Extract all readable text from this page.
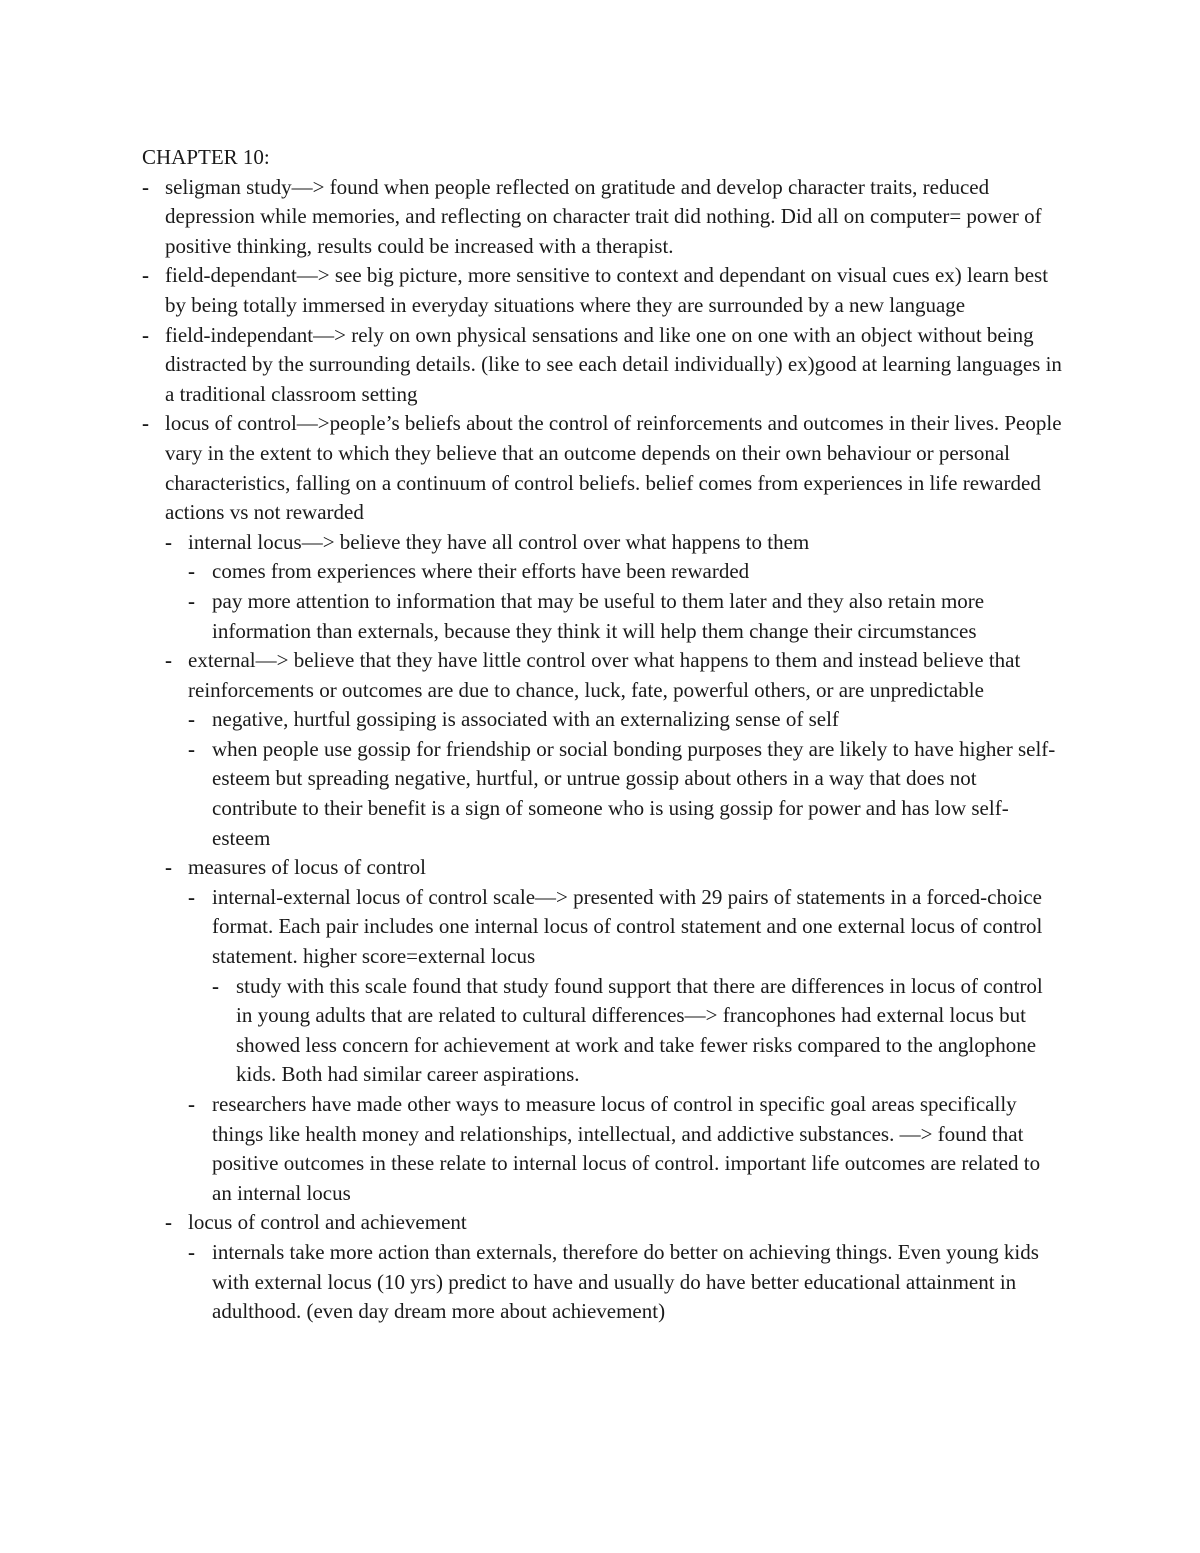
CHAPTER 10:
- seligman study—> found when people reflected on gratitude and develop character traits, reduced depression while memories, and reflecting on character trait did nothing. Did all on computer= power of positive thinking, results could be increased with a therapist.
- field-dependant—> see big picture, more sensitive to context and dependant on visual cues ex) learn best by being totally immersed in everyday situations where they are surrounded by a new language
- field-independant—> rely on own physical sensations and like one on one with an object without being distracted by the surrounding details. (like to see each detail individually) ex)good at learning languages in a traditional classroom setting
- locus of control—>people’s beliefs about the control of reinforcements and outcomes in their lives. People vary in the extent to which they believe that an outcome depends on their own behaviour or personal characteristics, falling on a continuum of control beliefs. belief comes from experiences in life rewarded actions vs not rewarded
- internal locus—> believe they have all control over what happens to them
- comes from experiences where their efforts have been rewarded
- pay more attention to information that may be useful to them later and they also retain more information than externals, because they think it will help them change their circumstances
- external—> believe that they have little control over what happens to them and instead believe that reinforcements or outcomes are due to chance, luck, fate, powerful others, or are unpredictable
- negative, hurtful gossiping is associated with an externalizing sense of self
- when people use gossip for friendship or social bonding purposes they are likely to have higher self-esteem but spreading negative, hurtful, or untrue gossip about others in a way that does not contribute to their benefit is a sign of someone who is using gossip for power and has low self-esteem
- measures of locus of control
- internal-external locus of control scale—> presented with 29 pairs of statements in a forced-choice format. Each pair includes one internal locus of control statement and one external locus of control statement. higher score=external locus
- study with this scale found that study found support that there are differences in locus of control in young adults that are related to cultural differences—> francophones had external locus but showed less concern for achievement at work and take fewer risks compared to the anglophone kids. Both had similar career aspirations.
- researchers have made other ways to measure locus of control in specific goal areas specifically things like health money and relationships, intellectual, and addictive substances. —> found that positive outcomes in these relate to internal locus of control. important life outcomes are related to an internal locus
- locus of control and achievement
- internals take more action than externals, therefore do better on achieving things. Even young kids with external locus (10 yrs) predict to have and usually do have better educational attainment in adulthood. (even day dream more about achievement)
